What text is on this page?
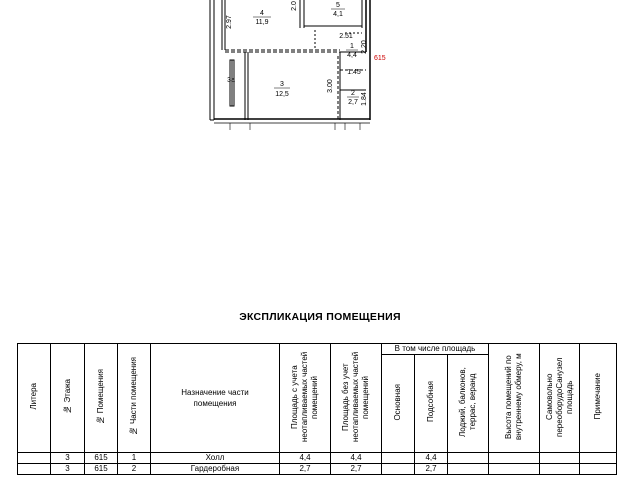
4
11,9
5
4,1
1
4,4
3
12,5	2
2,7
3а
2.97
2.0
2.51
2.20
1.45
3.00
1.84
615
ЭКСПЛИКАЦИЯ ПОМЕЩЕНИЯ
Литера	№ Этажа	№ Помещения	№ Части помещения	Назначение части помещения	Площадь с учета неотапливаемых частей помещений	Площадь без учет неотапливаемых частей помещений	В том числе площадь			Высота помещений по внутреннему обмеру, м	Самовольно переоборудоСанузел площадь	Примечание
							Основная	Подсобная	Лоджий, балконов, террас, веранд			
	3	615	1	Холл	4,4	4,4		4,4				
	3	615	2	Гардеробная	2,7	2,7		2,7				
